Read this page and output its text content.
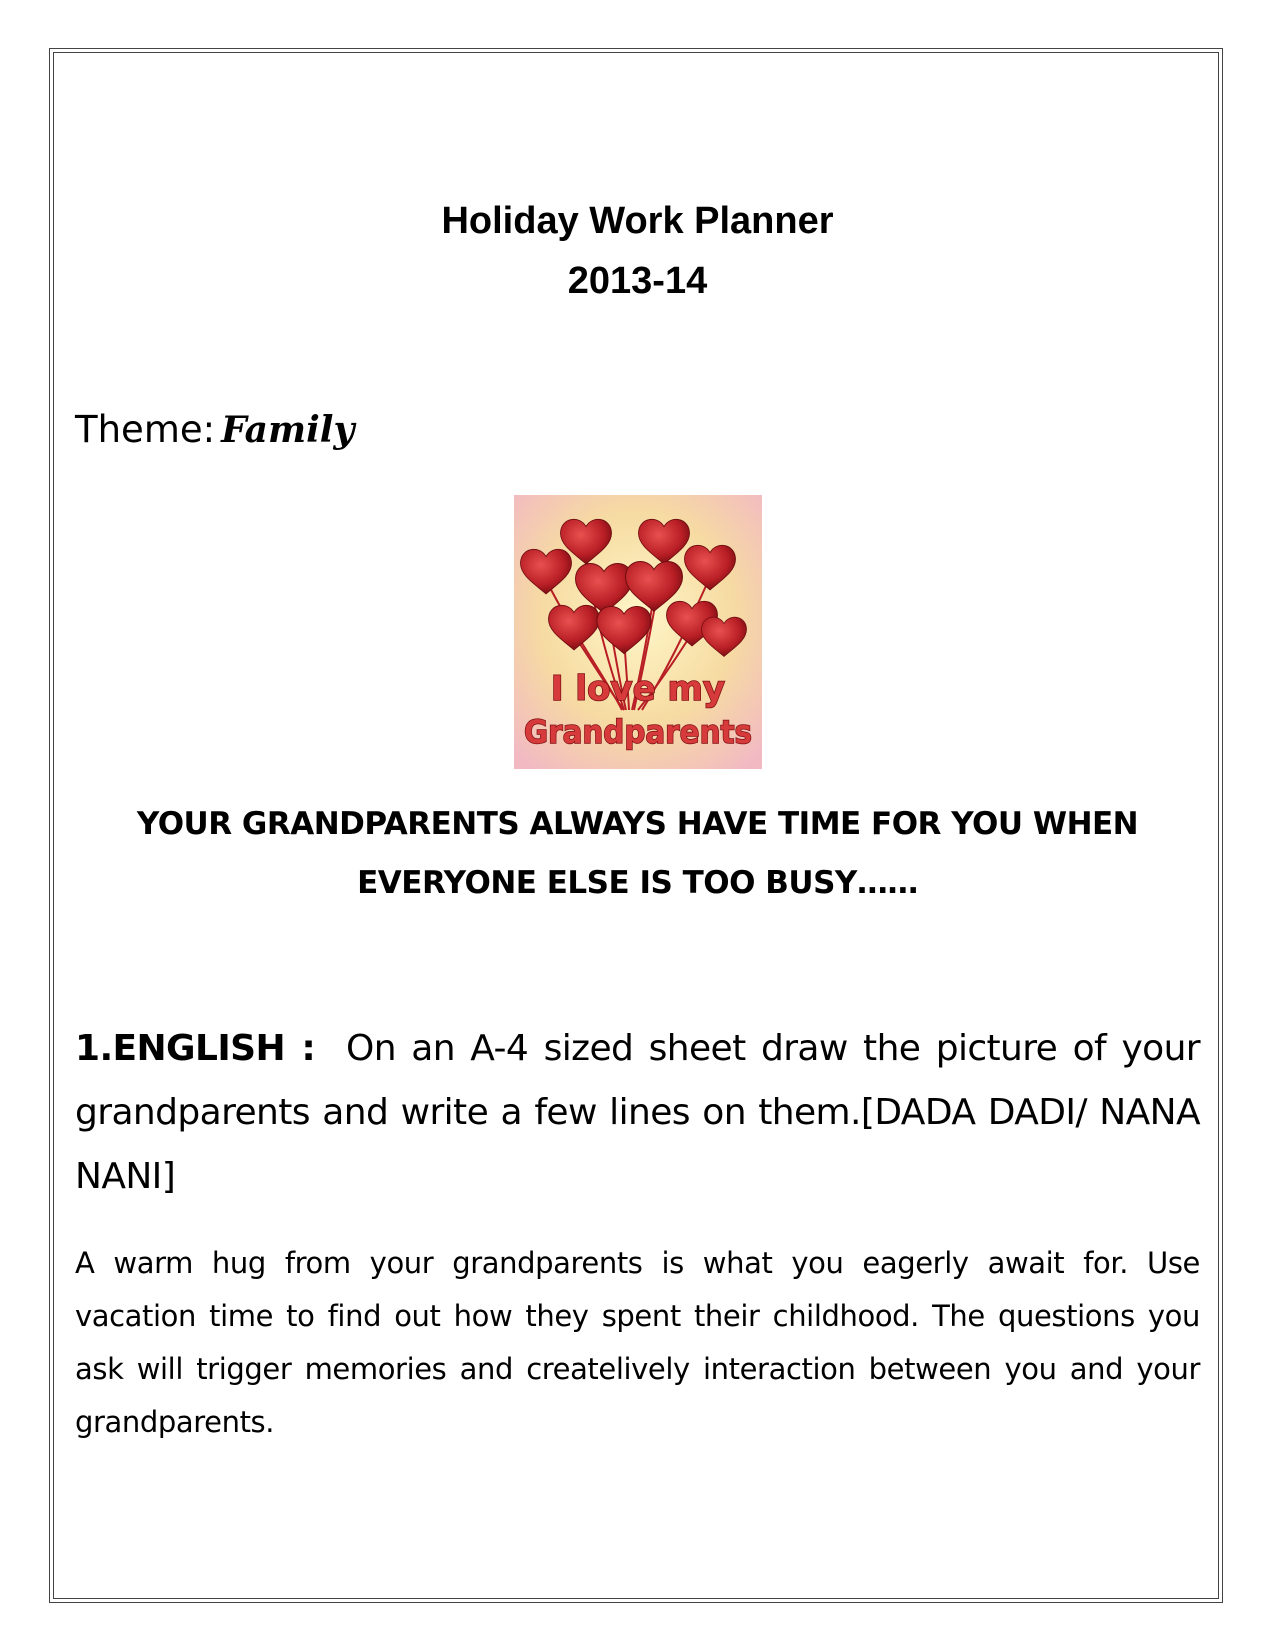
Holiday Work Planner
2013-14
Theme: Family
I love my
Grandparents
YOUR GRANDPARENTS ALWAYS HAVE TIME FOR YOU WHEN
EVERYONE ELSE IS TOO BUSY……
1.ENGLISH : On an A-4 sized sheet draw the picture of your grandparents and write a few lines on them.[DADA DADI/ NANA NANI]
A warm hug from your grandparents is what you eagerly await for. Use vacation time to find out how they spent their childhood. The questions you ask will trigger memories and createlively interaction between you and your grandparents.
